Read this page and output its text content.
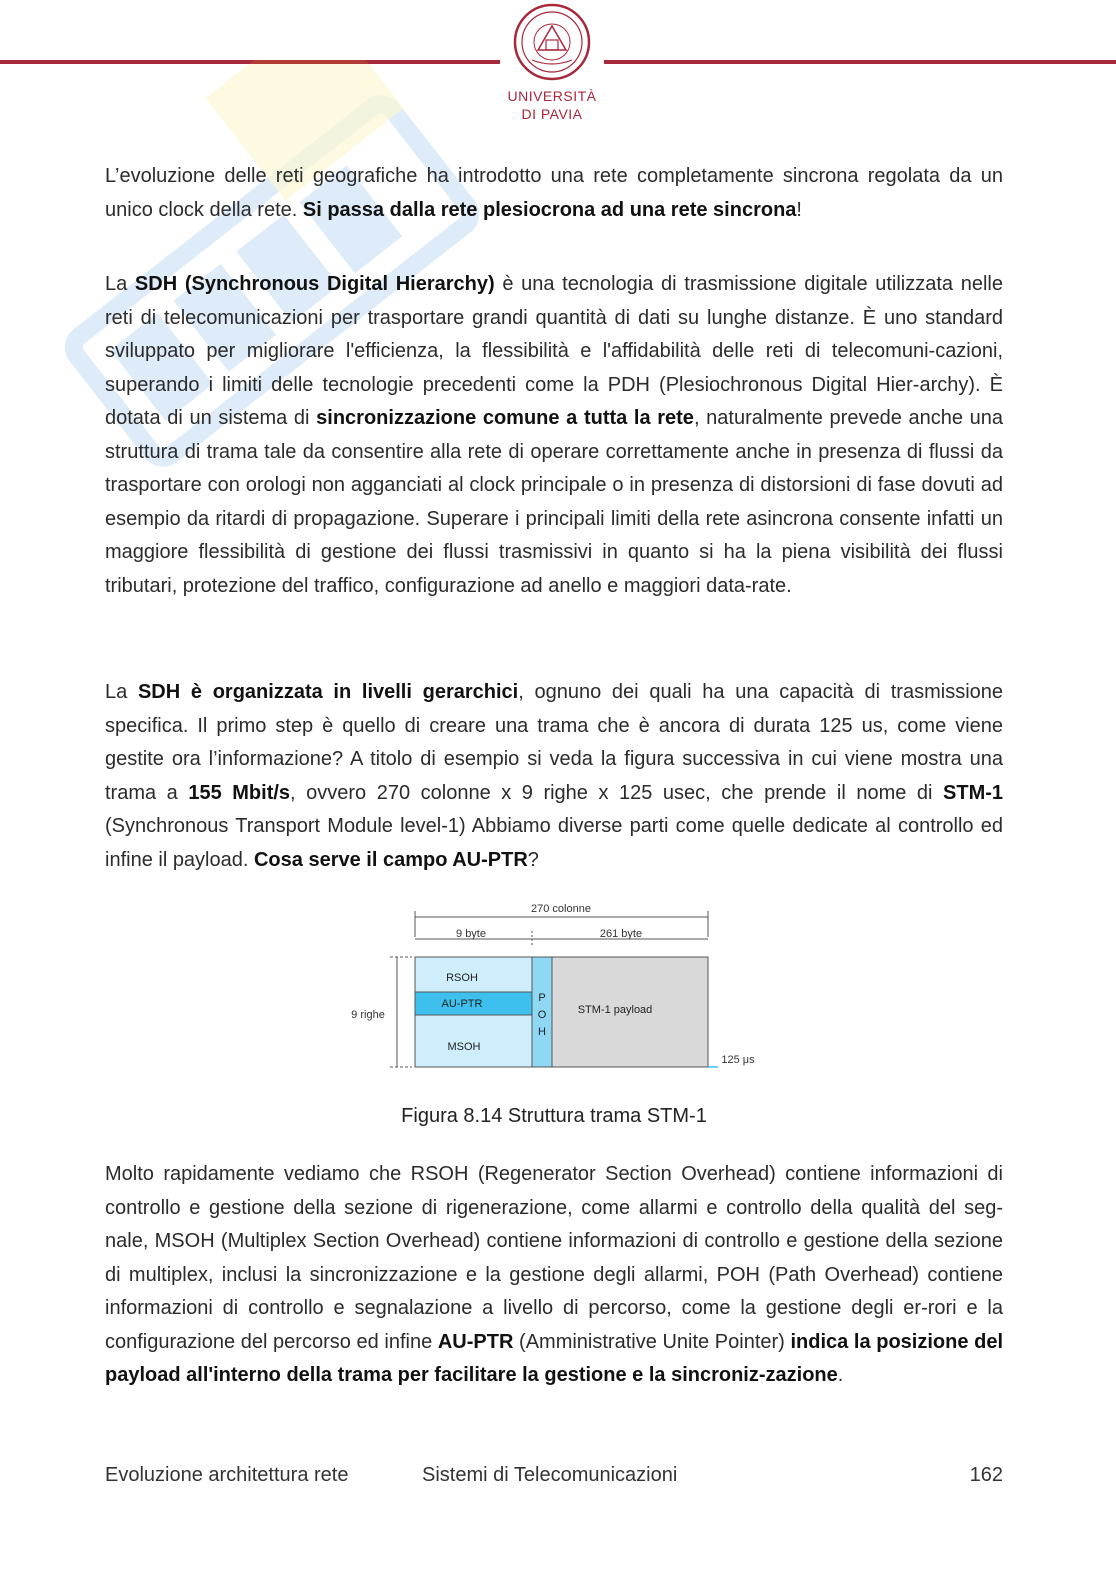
UNIVERSITÀ
DI PAVIA

L’evoluzione delle reti geografiche ha introdotto una rete completamente sincrona regolata da un unico clock della rete. Si passa dalla rete plesiocrona ad una rete sincrona!

La SDH (Synchronous Digital Hierarchy) è una tecnologia di trasmissione digitale utilizzata nelle reti di telecomunicazioni per trasportare grandi quantità di dati su lunghe distanze. È uno standard sviluppato per migliorare l'efficienza, la flessibilità e l'affidabilità delle reti di telecomuni-cazioni, superando i limiti delle tecnologie precedenti come la PDH (Plesiochronous Digital Hier-archy). È dotata di un sistema di sincronizzazione comune a tutta la rete, naturalmente prevede anche una struttura di trama tale da consentire alla rete di operare correttamente anche in presenza di flussi da trasportare con orologi non agganciati al clock principale o in presenza di distorsioni di fase dovuti ad esempio da ritardi di propagazione. Superare i principali limiti della rete asincrona consente infatti un maggiore flessibilità di gestione dei flussi trasmissivi in quanto si ha la piena visibilità dei flussi tributari, protezione del traffico, configurazione ad anello e maggiori data-rate.

La SDH è organizzata in livelli gerarchici, ognuno dei quali ha una capacità di trasmissione specifica. Il primo step è quello di creare una trama che è ancora di durata 125 us, come viene gestite ora l’informazione? A titolo di esempio si veda la figura successiva in cui viene mostra una trama a 155 Mbit/s, ovvero 270 colonne x 9 righe x 125 usec, che prende il nome di STM-1 (Synchronous Transport Module level-1) Abbiamo diverse parti come quelle dedicate al controllo ed infine il payload. Cosa serve il campo AU-PTR?

270 colonne
9 byte	261 byte
9 righe
RSOH
AU-PTR
MSOH
P
O
H
STM-1 payload
125 μs
Figura 8.14 Struttura trama STM-1

Molto rapidamente vediamo che RSOH (Regenerator Section Overhead) contiene informazioni di controllo e gestione della sezione di rigenerazione, come allarmi e controllo della qualità del seg-nale, MSOH (Multiplex Section Overhead) contiene informazioni di controllo e gestione della sezione di multiplex, inclusi la sincronizzazione e la gestione degli allarmi, POH (Path Overhead) contiene informazioni di controllo e segnalazione a livello di percorso, come la gestione degli er-rori e la configurazione del percorso ed infine AU-PTR (Amministrative Unite Pointer) indica la posizione del payload all'interno della trama per facilitare la gestione e la sincroniz-zazione.

Evoluzione architettura rete	Sistemi di Telecomunicazioni	162
